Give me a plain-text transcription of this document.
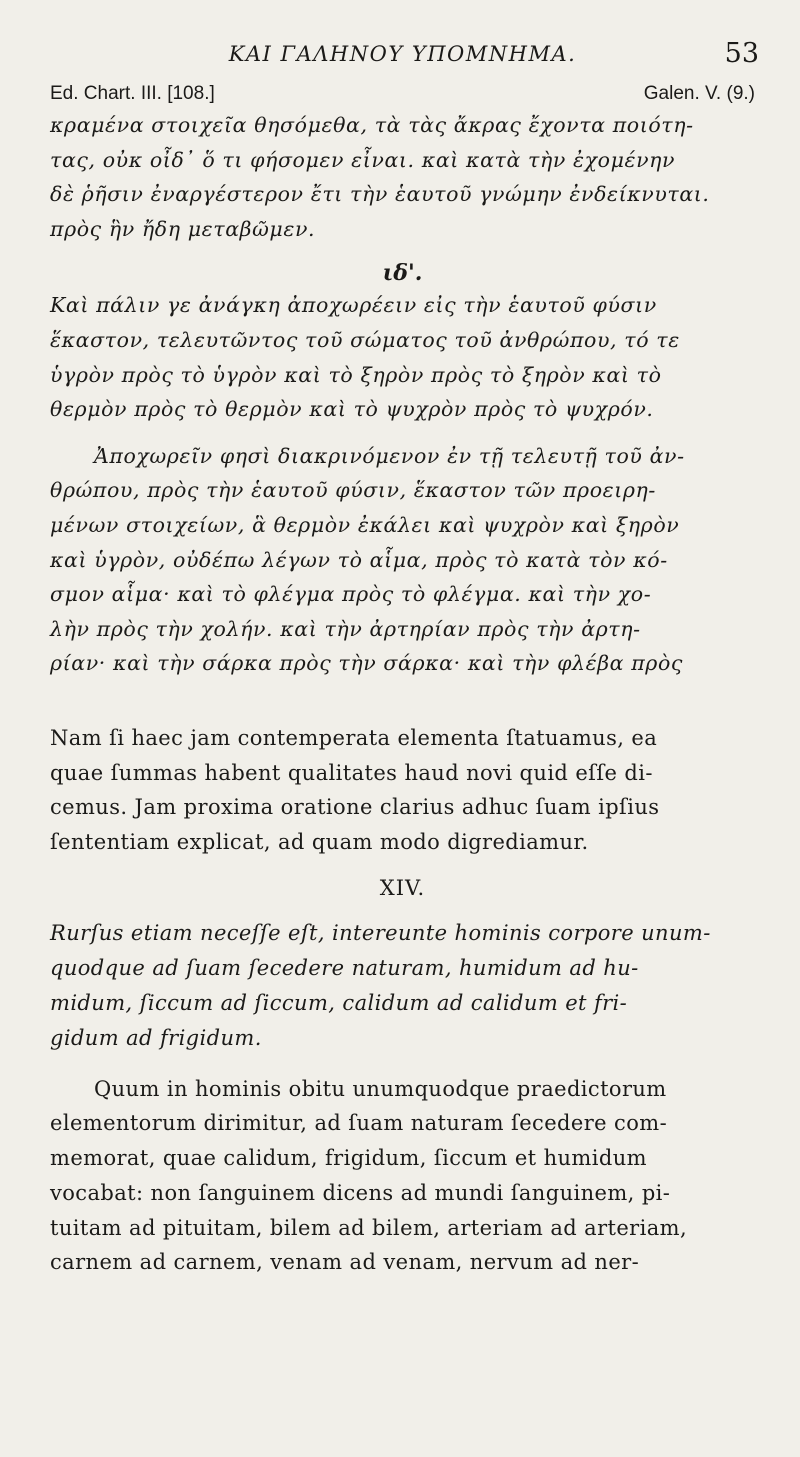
ΚΑΙ ΓΑΛΗΝΟΥ ΥΠΟΜΝΗΜΑ.	53
Ed. Chart. III. [108.]	Galen. V. (9.)

κραμένα στοιχεῖα θησόμεθα, τὰ τὰς ἄκρας ἔχοντα ποιότη-
τας, οὐκ οἶδ᾽ ὅ τι φήσομεν εἶναι. καὶ κατὰ τὴν ἐχομένην
δὲ ῥῆσιν ἐναργέστερον ἔτι τὴν ἑαυτοῦ γνώμην ἐνδείκνυται.
πρὸς ἣν ἤδη μεταβῶμεν.

ιδ'.

Καὶ πάλιν γε ἀνάγκη ἀποχωρέειν εἰς τὴν ἑαυτοῦ φύσιν
ἕκαστον, τελευτῶντος τοῦ σώματος τοῦ ἀνθρώπου, τό τε
ὑγρὸν πρὸς τὸ ὑγρὸν καὶ τὸ ξηρὸν πρὸς τὸ ξηρὸν καὶ τὸ
θερμὸν πρὸς τὸ θερμὸν καὶ τὸ ψυχρὸν πρὸς τὸ ψυχρόν.

Ἀποχωρεῖν φησὶ διακρινόμενον ἐν τῇ τελευτῇ τοῦ ἀν-
θρώπου, πρὸς τὴν ἑαυτοῦ φύσιν, ἕκαστον τῶν προειρη-
μένων στοιχείων, ἃ θερμὸν ἐκάλει καὶ ψυχρὸν καὶ ξηρὸν
καὶ ὑγρὸν, οὐδέπω λέγων τὸ αἷμα, πρὸς τὸ κατὰ τὸν κό-
σμον αἷμα· καὶ τὸ φλέγμα πρὸς τὸ φλέγμα. καὶ τὴν χο-
λὴν πρὸς τὴν χολήν. καὶ τὴν ἀρτηρίαν πρὸς τὴν ἀρτη-
ρίαν· καὶ τὴν σάρκα πρὸς τὴν σάρκα· καὶ τὴν φλέβα πρὸς

Nam ſi haec jam contemperata elementa ſtatuamus, ea
quae ſummas habent qualitates haud novi quid eſſe di-
cemus. Jam proxima oratione clarius adhuc ſuam ipſius
ſententiam explicat, ad quam modo digrediamur.

XIV.

Rurſus etiam neceſſe eſt, intereunte hominis corpore unum-
quodque ad ſuam ſecedere naturam, humidum ad hu-
midum, ſiccum ad ſiccum, calidum ad calidum et fri-
gidum ad frigidum.

Quum in hominis obitu unumquodque praedictorum
elementorum dirimitur, ad ſuam naturam ſecedere com-
memorat, quae calidum, frigidum, ſiccum et humidum
vocabat: non ſanguinem dicens ad mundi ſanguinem, pi-
tuitam ad pituitam, bilem ad bilem, arteriam ad arteriam,
carnem ad carnem, venam ad venam, nervum ad ner-
